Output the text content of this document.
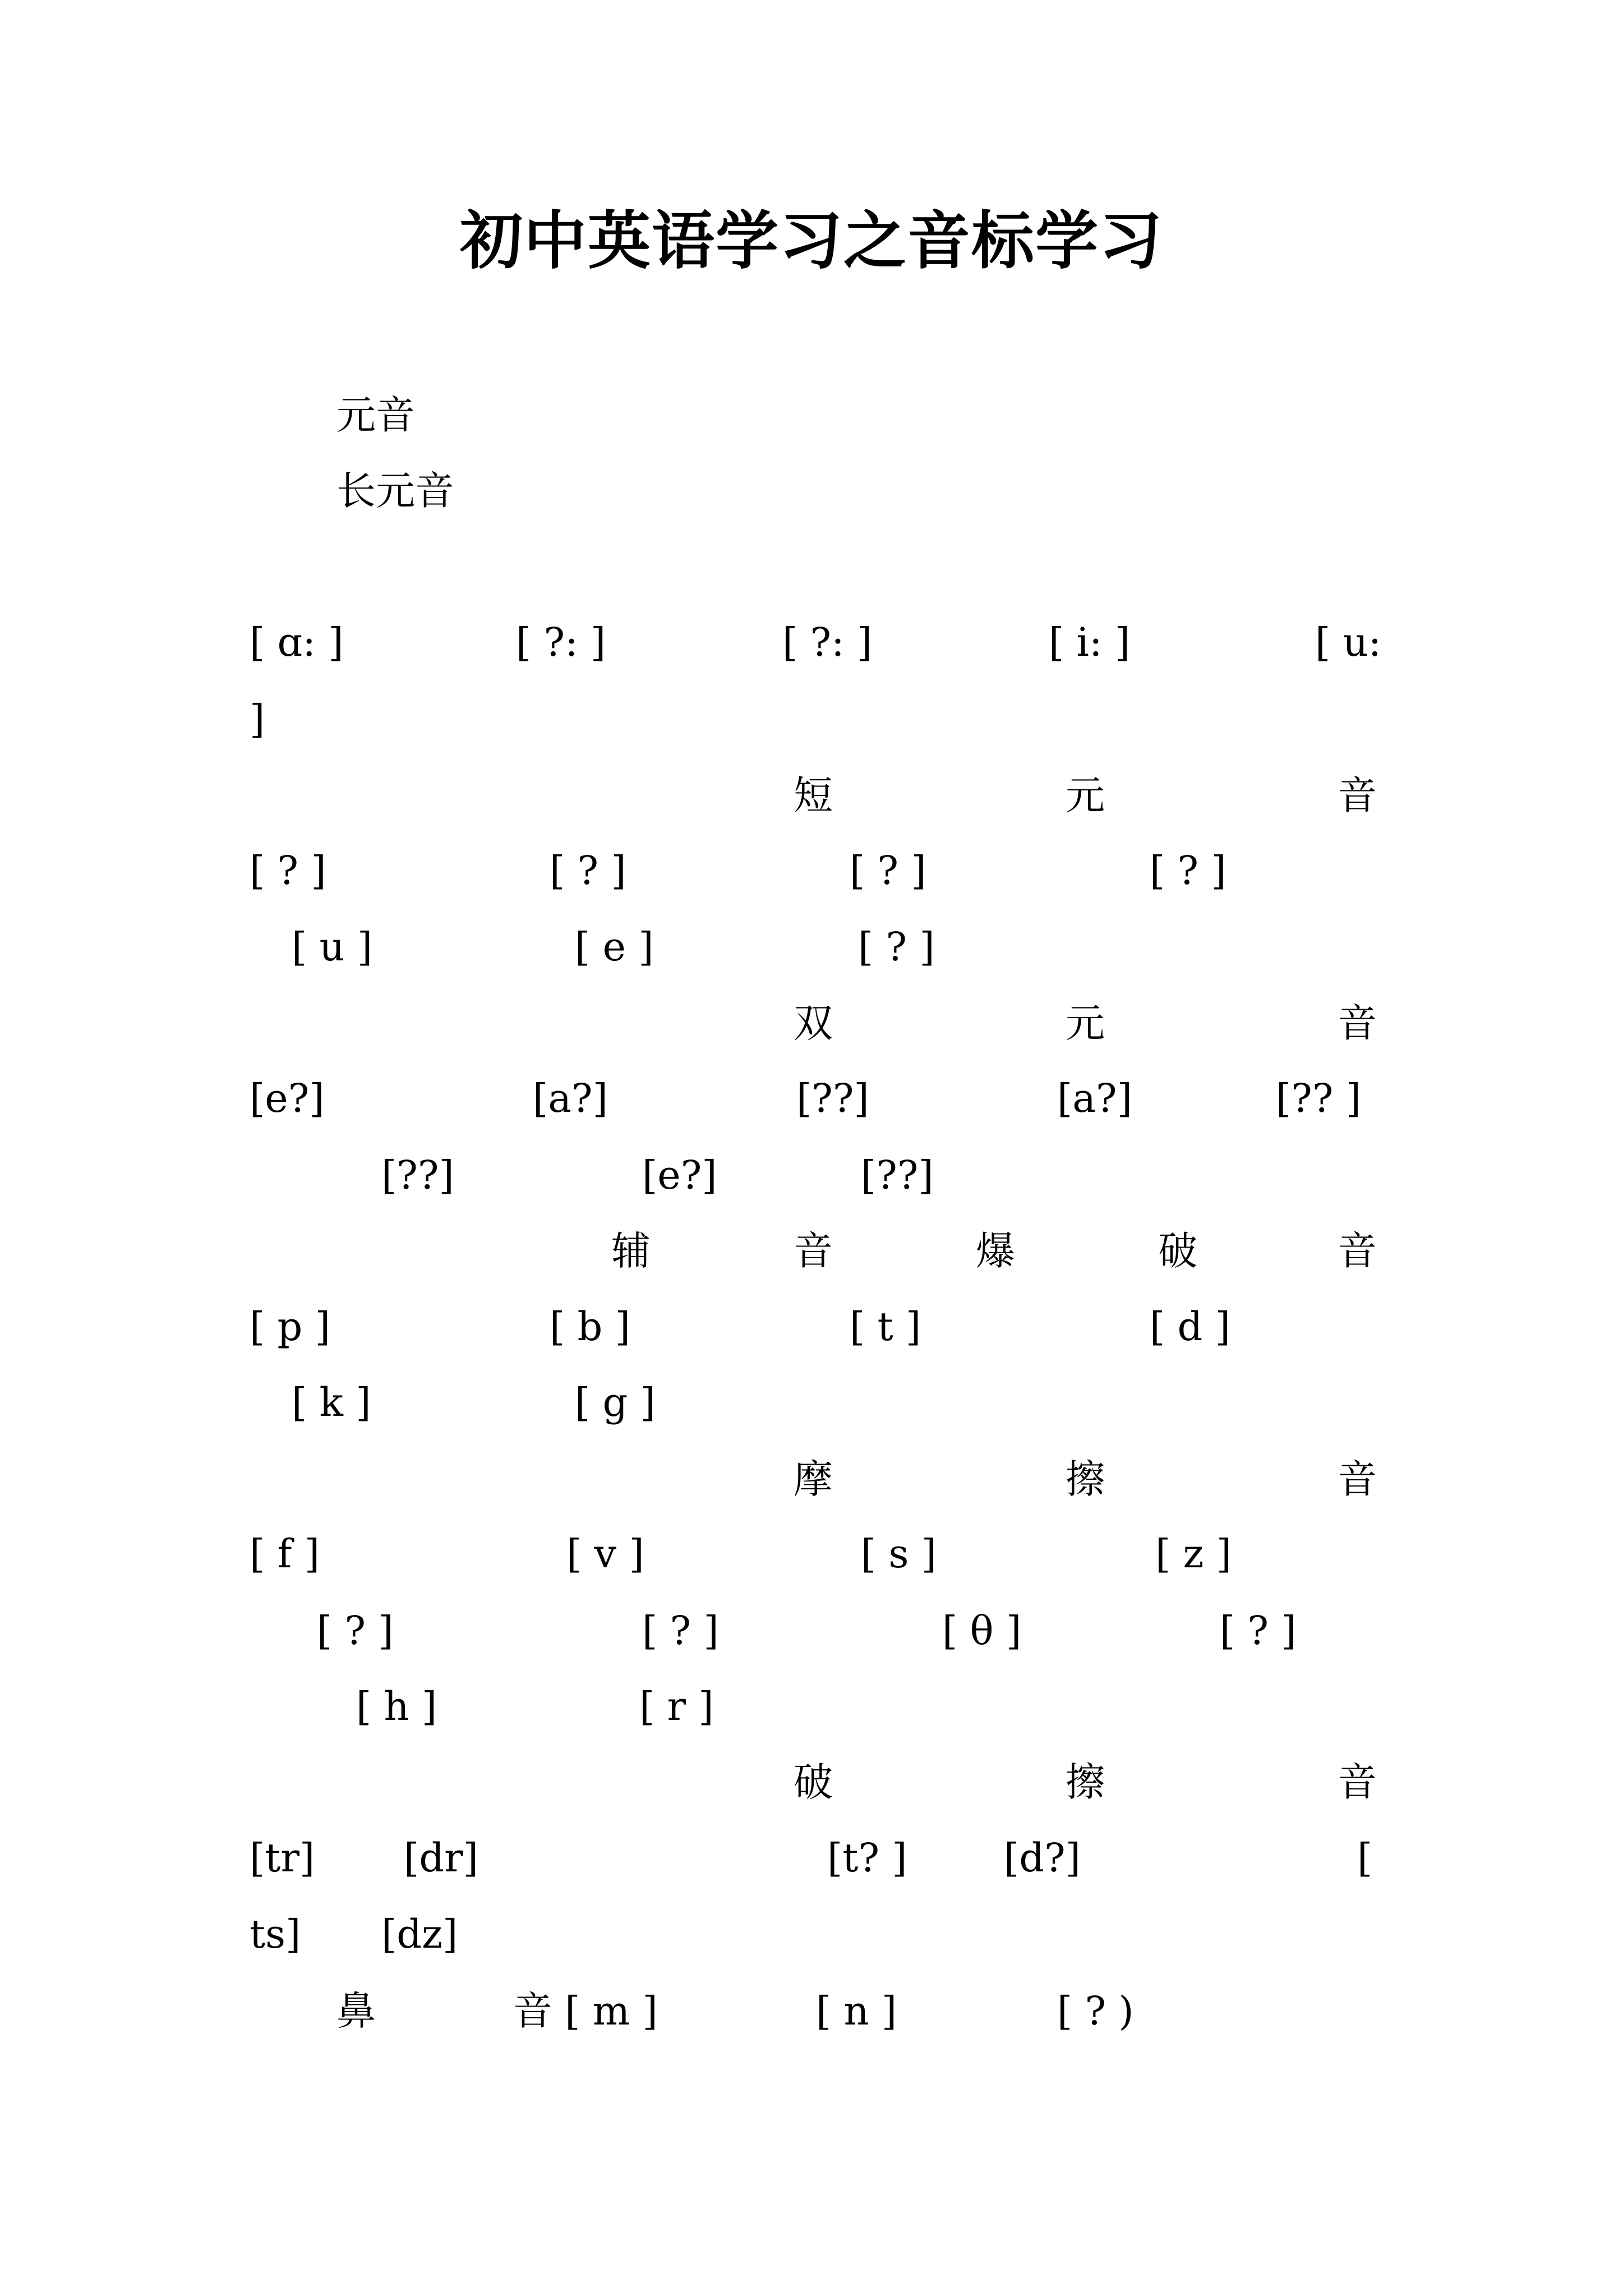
初中英语学习之音标学习
元音
长元音
[ ɑ: ]	[ ?: ]	[ ?: ]	[ i: ]	[ u:
]
短	元	音
[ ? ]	[ ? ]	[ ? ]	[ ? ]
[ u ]	[ e ]	[ ? ]
双	元	音
[e?]	[a?]	[??]	[a?]	[?? ]
[??]	[e?]	[??]
辅	音	爆	破	音
[ p ]	[ b ]	[ t ]	[ d ]
[ k ]	[ g ]
摩	擦	音
[ f ]	[ v ]	[ s ]	[ z ]
[ ? ]	[ ? ]	[ θ ]	[ ? ]
[ h ]	[ r ]
破	擦	音
[tr] [dr]	[t? ] [d?]	[
ts] [dz]
鼻	音 [ m ]	[ n ]	[ ? )
